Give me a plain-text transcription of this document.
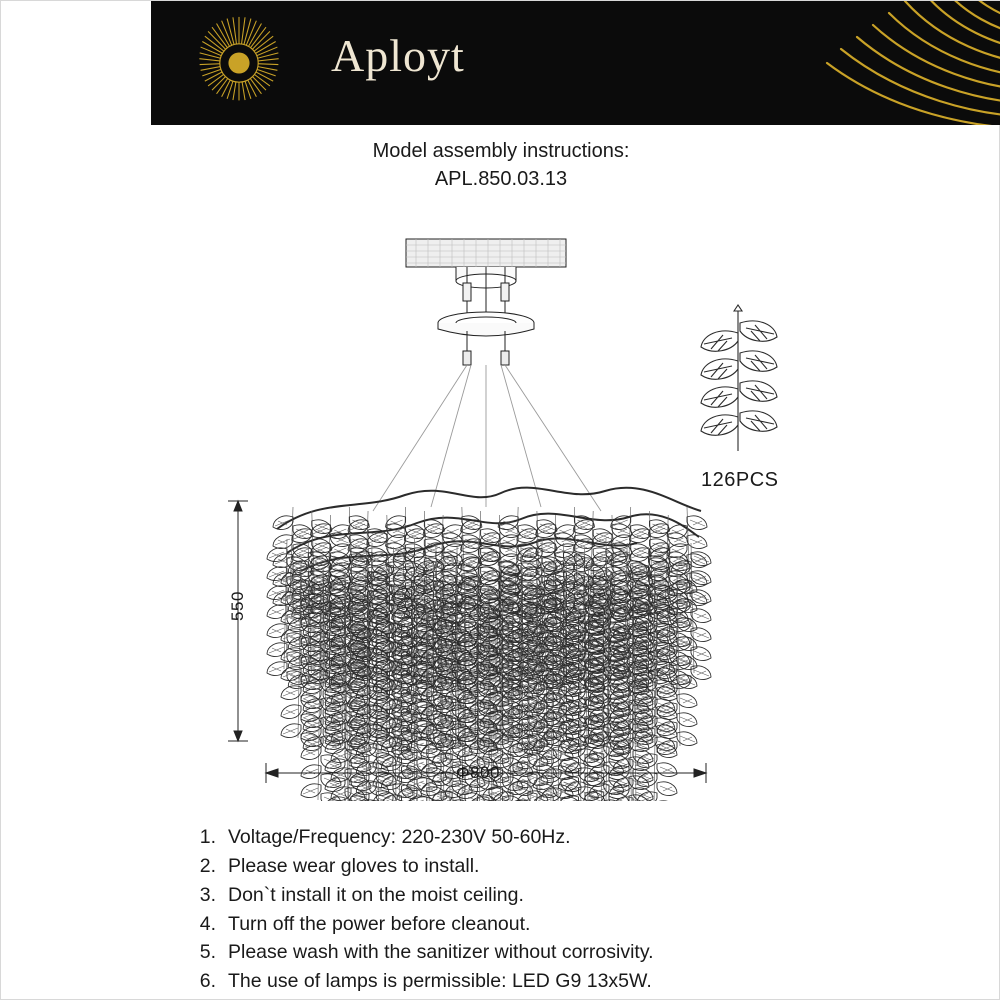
Aployt
Model assembly instructions:
APL.850.03.13
550
Φ800
126PCS
1. Voltage/Frequency: 220-230V 50-60Hz.
2. Please wear gloves to install.
3. Don`t install it on the moist ceiling.
4. Turn off the power before cleanout.
5. Please wash with the sanitizer without corrosivity.
6. The use of lamps is permissible: LED G9 13x5W.
